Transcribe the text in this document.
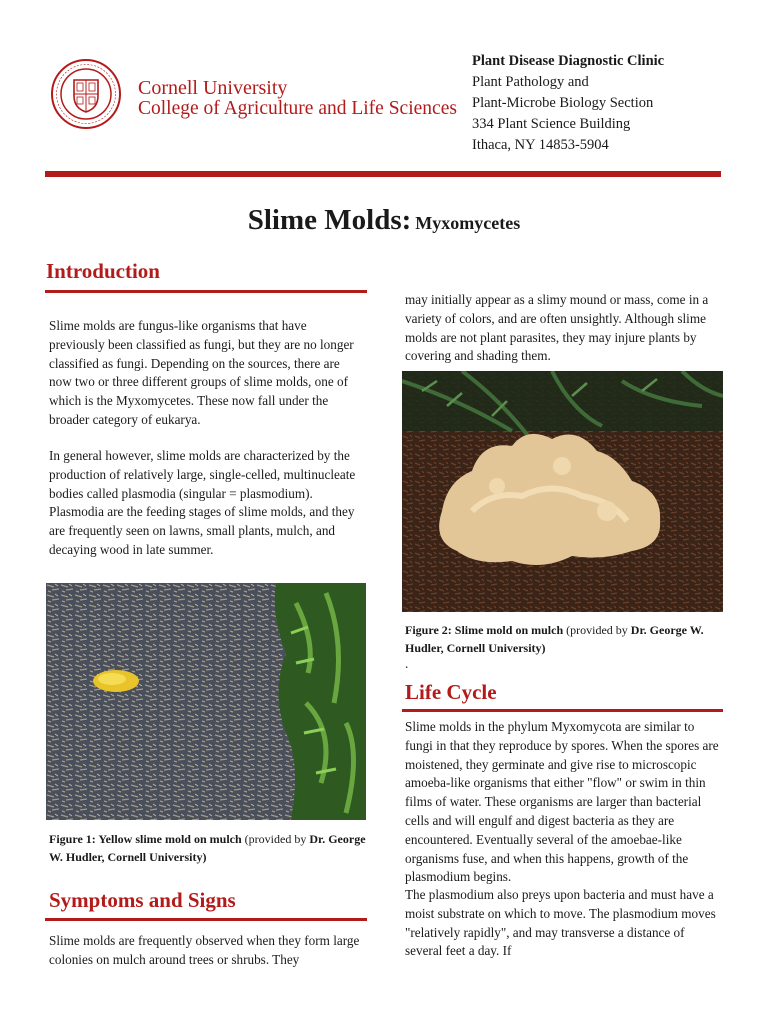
Cornell University
College of Agriculture and Life Sciences
Plant Disease Diagnostic Clinic
Plant Pathology and
Plant-Microbe Biology Section
334 Plant Science Building
Ithaca, NY 14853-5904
Slime Molds: Myxomycetes
Introduction
Slime molds are fungus-like organisms that have previously been classified as fungi, but they are no longer classified as fungi. Depending on the sources, there are now two or three different groups of slime molds, one of which is the Myxomycetes. These now fall under the broader category of eukarya.
In general however, slime molds are characterized by the production of relatively large, single-celled, multinucleate bodies called plasmodia (singular = plasmodium). Plasmodia are the feeding stages of slime molds, and they are frequently seen on lawns, small plants, mulch, and decaying wood in late summer.
Figure 1: Yellow slime mold on mulch (provided by Dr. George W. Hudler, Cornell University)
Symptoms and Signs
Slime molds are frequently observed when they form large colonies on mulch around trees or shrubs. They
may initially appear as a slimy mound or mass, come in a variety of colors, and are often unsightly. Although slime molds are not plant parasites, they may injure plants by covering and shading them.
Figure 2: Slime mold on mulch (provided by Dr. George W. Hudler, Cornell University)
.
Life Cycle
Slime molds in the phylum Myxomycota are similar to fungi in that they reproduce by spores. When the spores are moistened, they germinate and give rise to microscopic amoeba-like organisms that either "flow" or swim in thin films of water. These organisms are larger than bacterial cells and will engulf and digest bacteria as they are encountered. Eventually several of the amoebae-like organisms fuse, and when this happens, growth of the plasmodium begins.
The plasmodium also preys upon bacteria and must have a moist substrate on which to move. The plasmodium moves "relatively rapidly", and may transverse a distance of several feet a day. If
